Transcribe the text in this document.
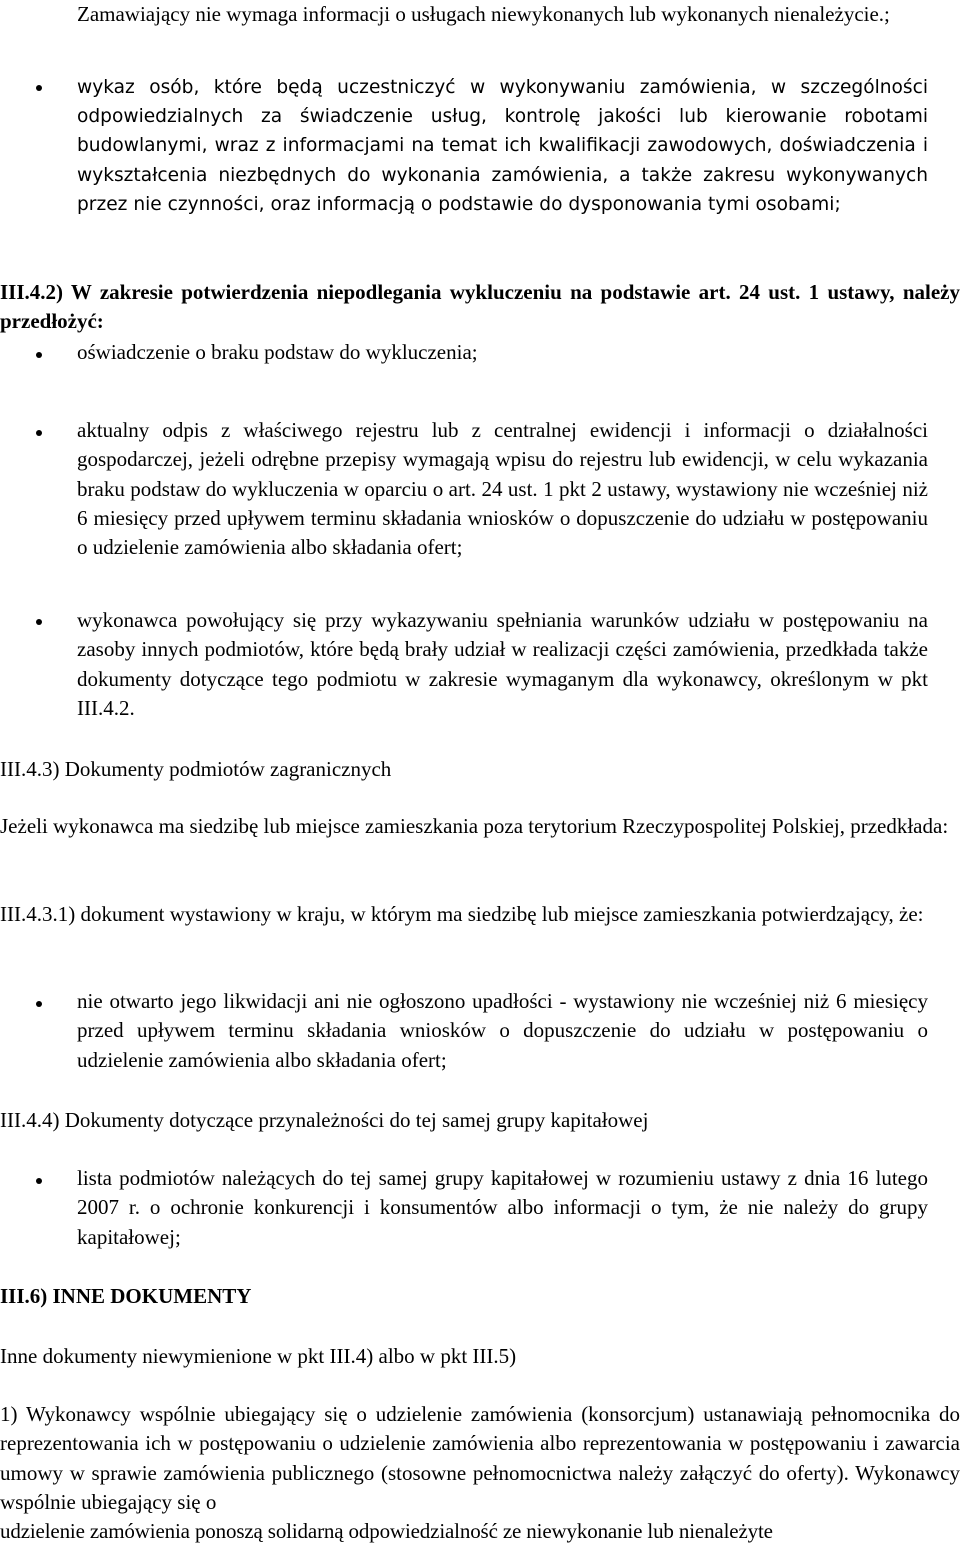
Zamawiający nie wymaga informacji o usługach niewykonanych lub wykonanych nienależycie.;

wykaz osób, które będą uczestniczyć w wykonywaniu zamówienia, w szczególności odpowiedzialnych za świadczenie usług, kontrolę jakości lub kierowanie robotami budowlanymi, wraz z informacjami na temat ich kwalifikacji zawodowych, doświadczenia i wykształcenia niezbędnych do wykonania zamówienia, a także zakresu wykonywanych przez nie czynności, oraz informacją o podstawie do dysponowania tymi osobami;

III.4.2) W zakresie potwierdzenia niepodlegania wykluczeniu na podstawie art. 24 ust. 1 ustawy, należy przedłożyć:

oświadczenie o braku podstaw do wykluczenia;

aktualny odpis z właściwego rejestru lub z centralnej ewidencji i informacji o działalności gospodarczej, jeżeli odrębne przepisy wymagają wpisu do rejestru lub ewidencji, w celu wykazania braku podstaw do wykluczenia w oparciu o art. 24 ust. 1 pkt 2 ustawy, wystawiony nie wcześniej niż 6 miesięcy przed upływem terminu składania wniosków o dopuszczenie do udziału w postępowaniu o udzielenie zamówienia albo składania ofert;

wykonawca powołujący się przy wykazywaniu spełniania warunków udziału w postępowaniu na zasoby innych podmiotów, które będą brały udział w realizacji części zamówienia, przedkłada także dokumenty dotyczące tego podmiotu w zakresie wymaganym dla wykonawcy, określonym w pkt III.4.2.

III.4.3) Dokumenty podmiotów zagranicznych

Jeżeli wykonawca ma siedzibę lub miejsce zamieszkania poza terytorium Rzeczypospolitej Polskiej, przedkłada:

III.4.3.1) dokument wystawiony w kraju, w którym ma siedzibę lub miejsce zamieszkania potwierdzający, że:

nie otwarto jego likwidacji ani nie ogłoszono upadłości - wystawiony nie wcześniej niż 6 miesięcy przed upływem terminu składania wniosków o dopuszczenie do udziału w postępowaniu o udzielenie zamówienia albo składania ofert;

III.4.4) Dokumenty dotyczące przynależności do tej samej grupy kapitałowej

lista podmiotów należących do tej samej grupy kapitałowej w rozumieniu ustawy z dnia 16 lutego 2007 r. o ochronie konkurencji i konsumentów albo informacji o tym, że nie należy do grupy kapitałowej;

III.6) INNE DOKUMENTY

Inne dokumenty niewymienione w pkt III.4) albo w pkt III.5)

1) Wykonawcy wspólnie ubiegający się o udzielenie zamówienia (konsorcjum) ustanawiają pełnomocnika do reprezentowania ich w postępowaniu o udzielenie zamówienia albo reprezentowania w postępowaniu i zawarcia umowy w sprawie zamówienia publicznego (stosowne pełnomocnictwa należy załączyć do oferty). Wykonawcy wspólnie ubiegający się o

udzielenie zamówienia ponoszą solidarną odpowiedzialność ze niewykonanie lub nienależyte
